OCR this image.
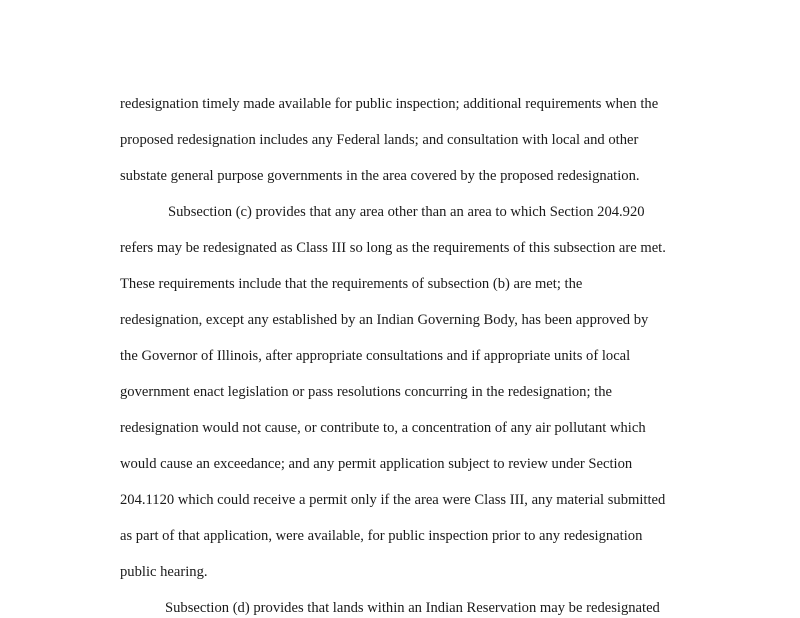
redesignation timely made available for public inspection; additional requirements when the
proposed redesignation includes any Federal lands; and consultation with local and other
substate general purpose governments in the area covered by the proposed redesignation.
Subsection (c) provides that any area other than an area to which Section 204.920
refers may be redesignated as Class III so long as the requirements of this subsection are met.
These requirements include that the requirements of subsection (b) are met; the
redesignation, except any established by an Indian Governing Body, has been approved by
the Governor of Illinois, after appropriate consultations and if appropriate units of local
government enact legislation or pass resolutions concurring in the redesignation; the
redesignation would not cause, or contribute to, a concentration of any air pollutant which
would cause an exceedance; and any permit application subject to review under Section
204.1120 which could receive a permit only if the area were Class III, any material submitted
as part of that application, were available, for public inspection prior to any redesignation
public hearing.
Subsection (d) provides that lands within an Indian Reservation may be redesignated
